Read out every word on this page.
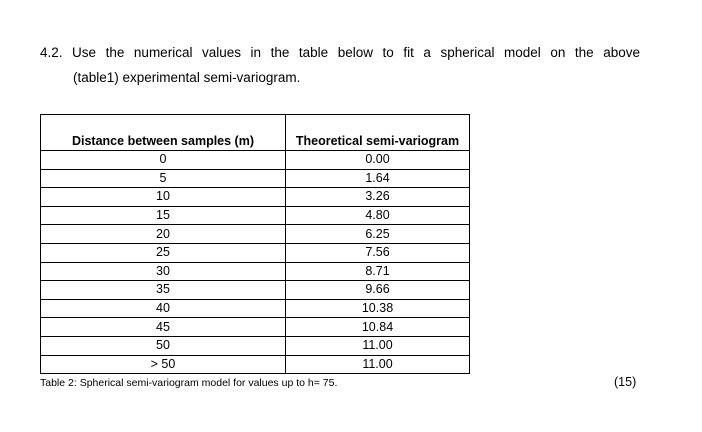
4.2. Use the numerical values in the table below to fit a spherical model on the above
(table1) experimental semi-variogram.
Distance between samples (m)	Theoretical semi-variogram
0	0.00
5	1.64
10	3.26
15	4.80
20	6.25
25	7.56
30	8.71
35	9.66
40	10.38
45	10.84
50	11.00
> 50	11.00

Table 2: Spherical semi-variogram model for values up to h= 75.	(15)
